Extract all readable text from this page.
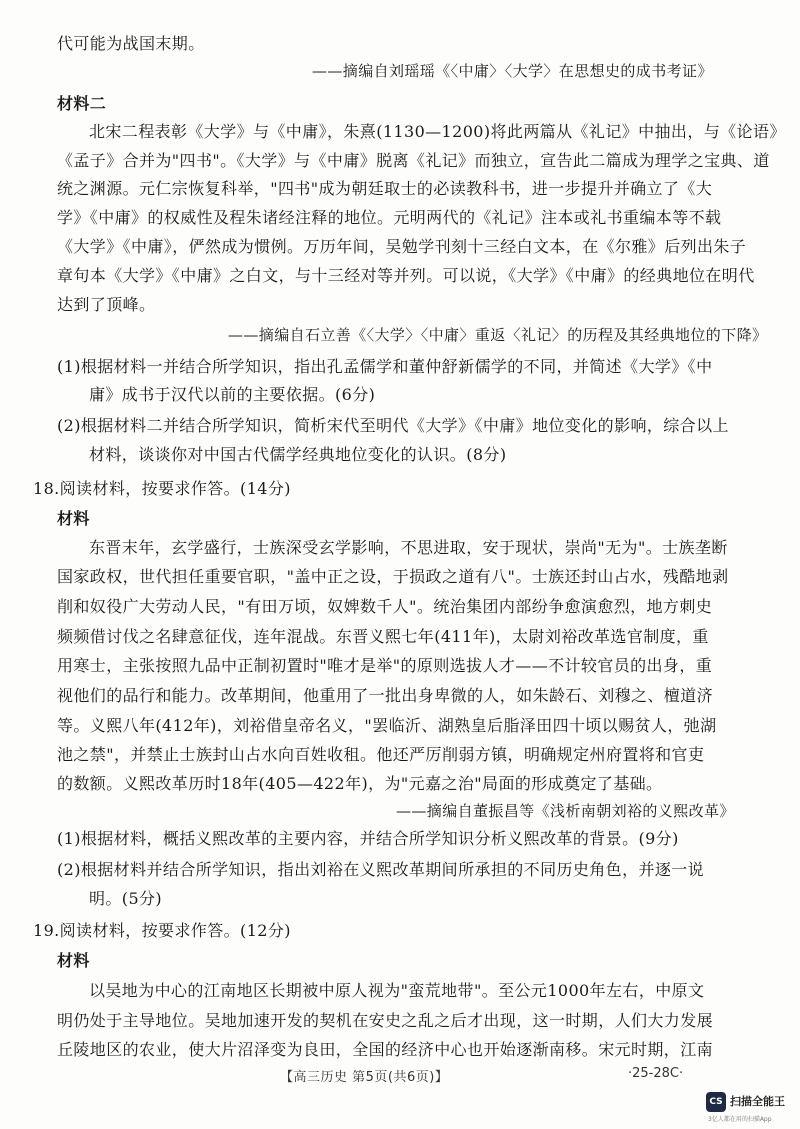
代可能为战国末期。
——摘编自刘瑶瑶《〈中庸〉〈大学〉在思想史的成书考证》
材料二
北宋二程表彰《大学》与《中庸》，朱熹(1130—1200)将此两篇从《礼记》中抽出，与《论语》
《孟子》合并为"四书"。《大学》与《中庸》脱离《礼记》而独立，宣告此二篇成为理学之宝典、道
统之渊源。元仁宗恢复科举，"四书"成为朝廷取士的必读教科书，进一步提升并确立了《大
学》《中庸》的权威性及程朱诸经注释的地位。元明两代的《礼记》注本或礼书重编本等不载
《大学》《中庸》，俨然成为惯例。万历年间，吴勉学刊刻十三经白文本，在《尔雅》后列出朱子
章句本《大学》《中庸》之白文，与十三经对等并列。可以说，《大学》《中庸》的经典地位在明代
达到了顶峰。
——摘编自石立善《〈大学〉〈中庸〉重返〈礼记〉的历程及其经典地位的下降》
(1)根据材料一并结合所学知识，指出孔孟儒学和董仲舒新儒学的不同，并简述《大学》《中
庸》成书于汉代以前的主要依据。(6分)
(2)根据材料二并结合所学知识，简析宋代至明代《大学》《中庸》地位变化的影响，综合以上
材料，谈谈你对中国古代儒学经典地位变化的认识。(8分)
18.阅读材料，按要求作答。(14分)
材料
东晋末年，玄学盛行，士族深受玄学影响，不思进取，安于现状，崇尚"无为"。士族垄断
国家政权，世代担任重要官职，"盖中正之设，于损政之道有八"。士族还封山占水，残酷地剥
削和奴役广大劳动人民，"有田万顷，奴婢数千人"。统治集团内部纷争愈演愈烈，地方刺史
频频借讨伐之名肆意征伐，连年混战。东晋义熙七年(411年)，太尉刘裕改革选官制度，重
用寒士，主张按照九品中正制初置时"唯才是举"的原则选拔人才——不计较官员的出身，重
视他们的品行和能力。改革期间，他重用了一批出身卑微的人，如朱龄石、刘穆之、檀道济
等。义熙八年(412年)，刘裕借皇帝名义，"罢临沂、湖熟皇后脂泽田四十顷以赐贫人，弛湖
池之禁"，并禁止士族封山占水向百姓收租。他还严厉削弱方镇，明确规定州府置将和官吏
的数额。义熙改革历时18年(405—422年)，为"元嘉之治"局面的形成奠定了基础。
——摘编自董振昌等《浅析南朝刘裕的义熙改革》
(1)根据材料，概括义熙改革的主要内容，并结合所学知识分析义熙改革的背景。(9分)
(2)根据材料并结合所学知识，指出刘裕在义熙改革期间所承担的不同历史角色，并逐一说
明。(5分)
19.阅读材料，按要求作答。(12分)
材料
以吴地为中心的江南地区长期被中原人视为"蛮荒地带"。至公元1000年左右，中原文
明仍处于主导地位。吴地加速开发的契机在安史之乱之后才出现，这一时期，人们大力发展
丘陵地区的农业，使大片沼泽变为良田，全国的经济中心也开始逐渐南移。宋元时期，江南
【高三历史 第5页(共6页)】	·25-28C·
CS 扫描全能王
3亿人都在用的扫描App
